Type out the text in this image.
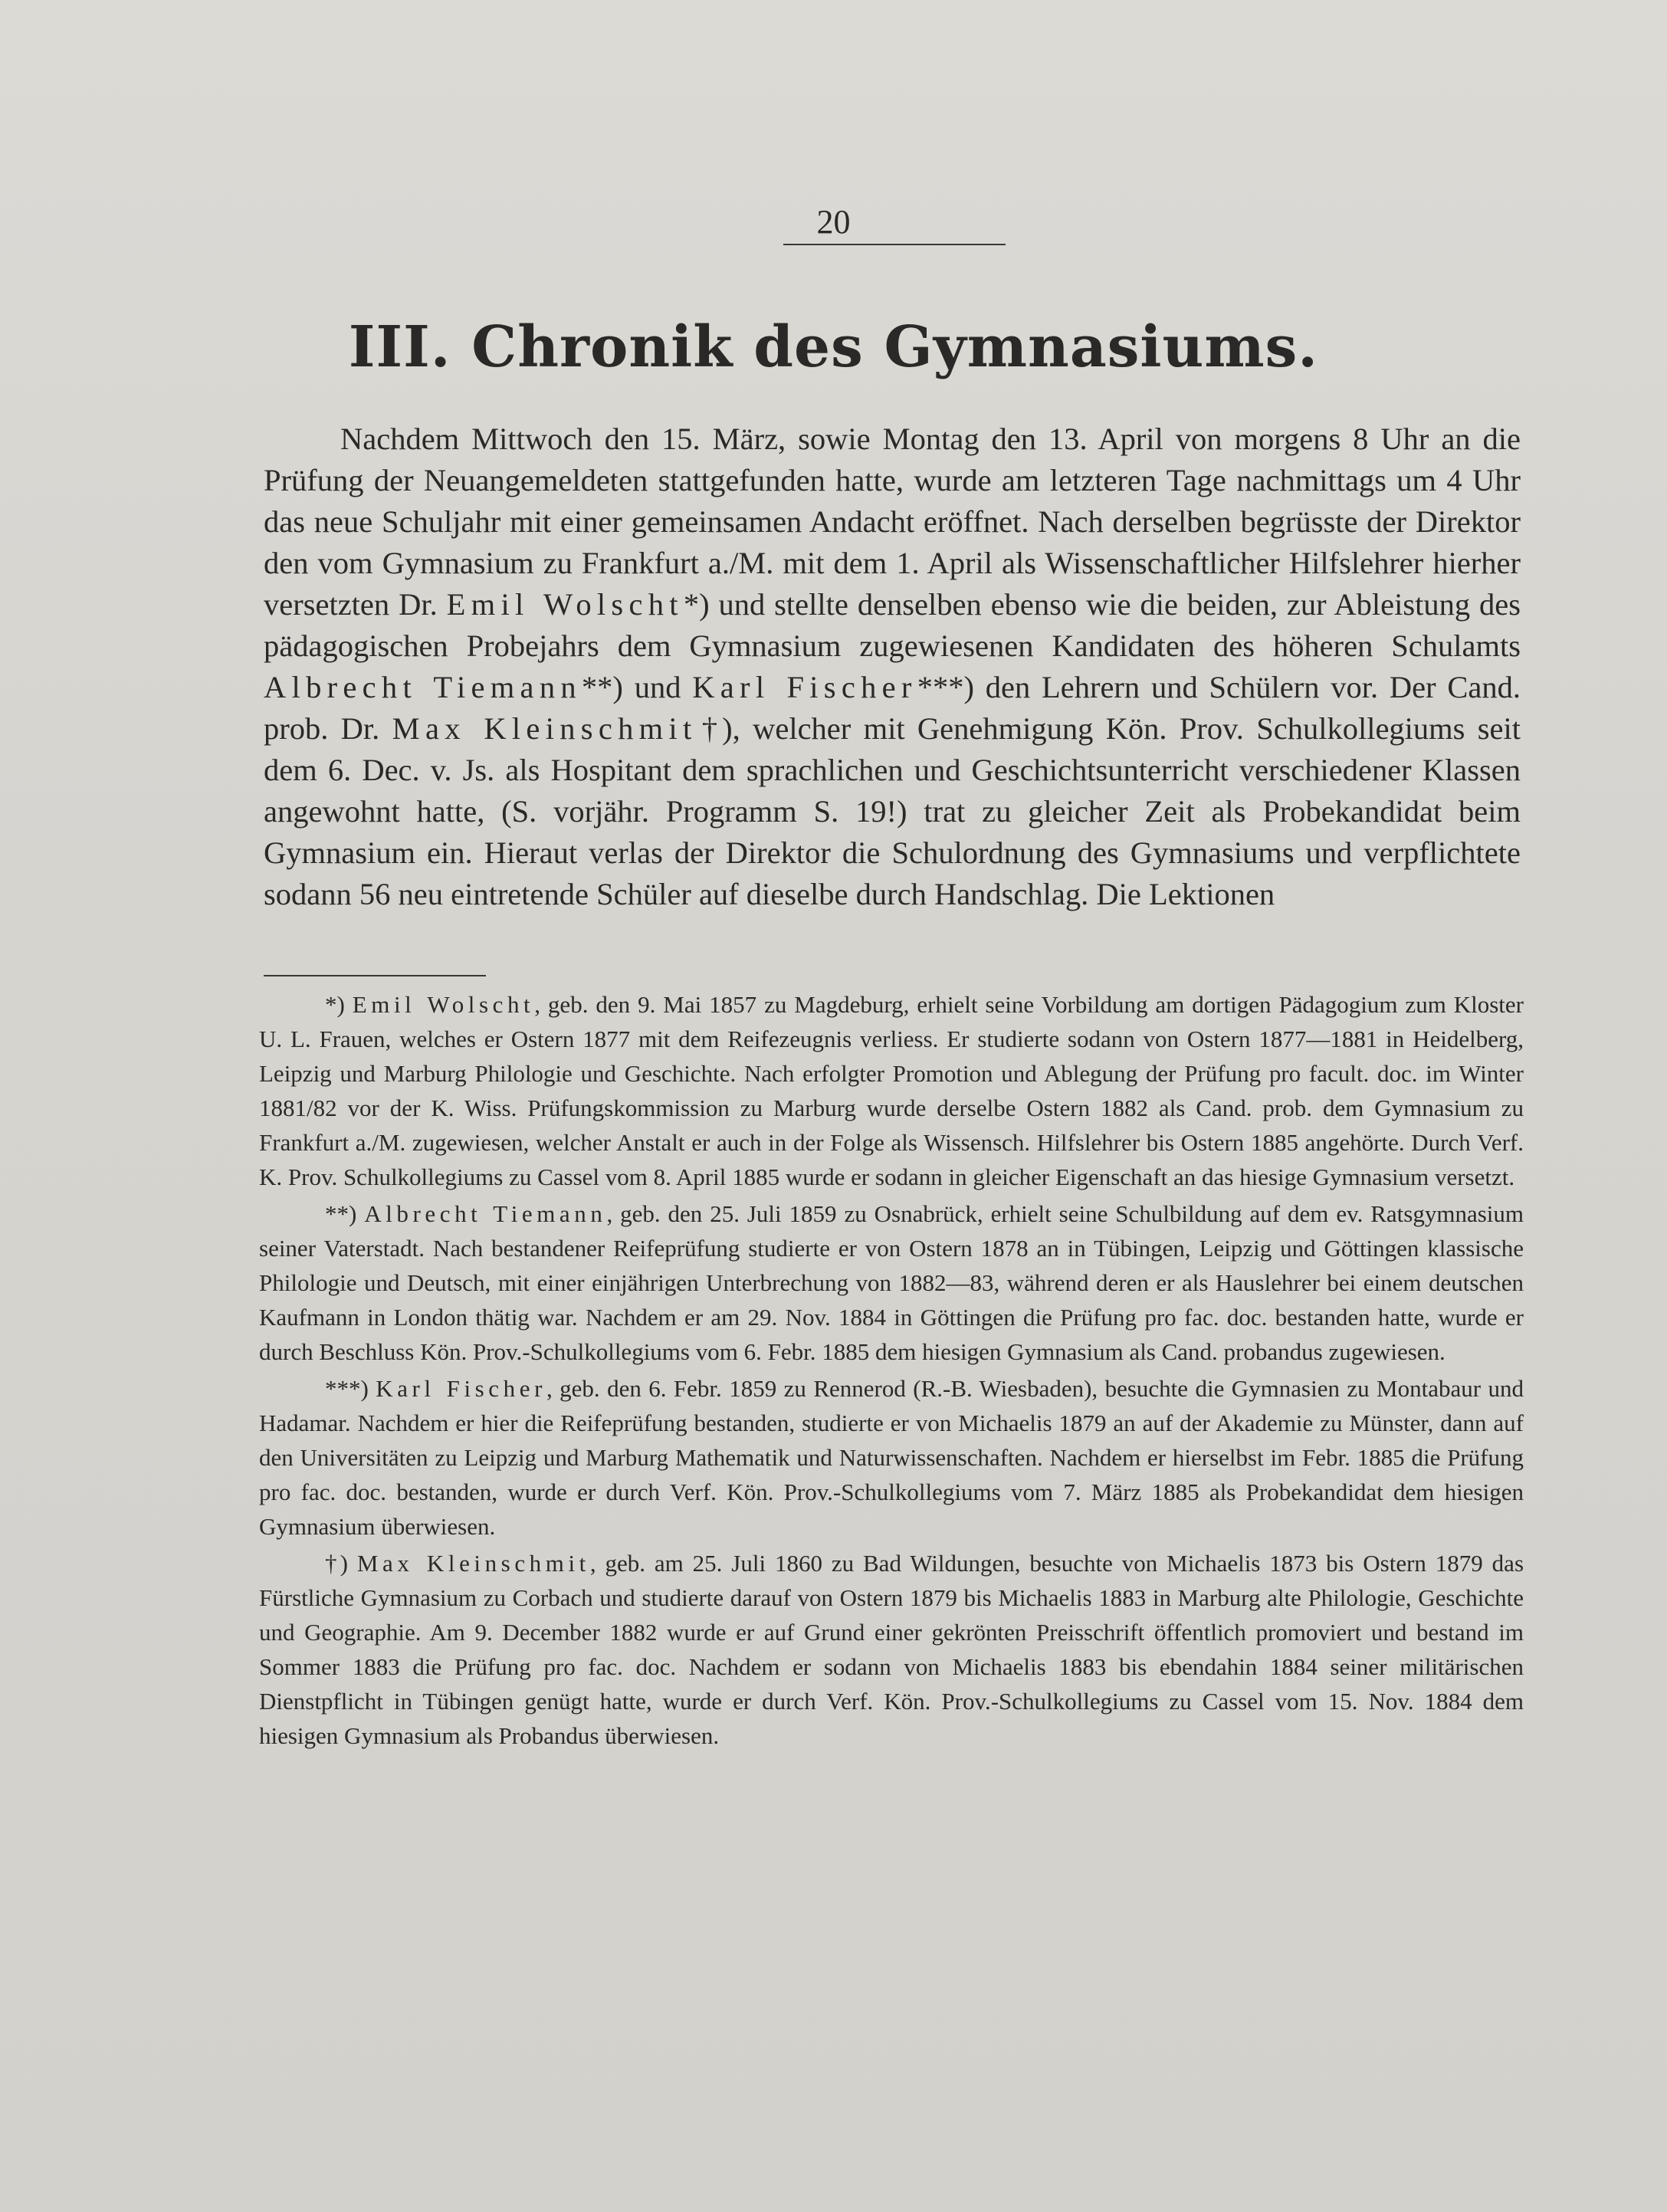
20
III. Chronik des Gymnasiums.

Nachdem Mittwoch den 15. März, sowie Montag den 13. April von morgens 8 Uhr an die Prüfung der Neuangemeldeten stattgefunden hatte, wurde am letzteren Tage nachmittags um 4 Uhr das neue Schuljahr mit einer gemeinsamen Andacht eröffnet. Nach derselben begrüsste der Direktor den vom Gymnasium zu Frankfurt a./M. mit dem 1. April als Wissenschaftlicher Hilfslehrer hierher versetzten Dr. Emil Wolscht*) und stellte denselben ebenso wie die beiden, zur Ableistung des pädagogischen Probejahrs dem Gymnasium zugewiesenen Kandidaten des höheren Schulamts Albrecht Tiemann**) und Karl Fischer***) den Lehrern und Schülern vor. Der Cand. prob. Dr. Max Kleinschmit†), welcher mit Genehmigung Kön. Prov. Schulkollegiums seit dem 6. Dec. v. Js. als Hospitant dem sprachlichen und Geschichtsunterricht verschiedener Klassen angewohnt hatte, (S. vorjähr. Programm S. 19!) trat zu gleicher Zeit als Probekandidat beim Gymnasium ein. Hieraut verlas der Direktor die Schulordnung des Gymnasiums und verpflichtete sodann 56 neu eintretende Schüler auf dieselbe durch Handschlag. Die Lektionen

*) Emil Wolscht, geb. den 9. Mai 1857 zu Magdeburg, erhielt seine Vorbildung am dortigen Pädagogium zum Kloster U. L. Frauen, welches er Ostern 1877 mit dem Reifezeugnis verliess. Er studierte sodann von Ostern 1877—1881 in Heidelberg, Leipzig und Marburg Philologie und Geschichte. Nach erfolgter Promotion und Ablegung der Prüfung pro facult. doc. im Winter 1881/82 vor der K. Wiss. Prüfungskommission zu Marburg wurde derselbe Ostern 1882 als Cand. prob. dem Gymnasium zu Frankfurt a./M. zugewiesen, welcher Anstalt er auch in der Folge als Wissensch. Hilfslehrer bis Ostern 1885 angehörte. Durch Verf. K. Prov. Schulkollegiums zu Cassel vom 8. April 1885 wurde er sodann in gleicher Eigenschaft an das hiesige Gymnasium versetzt.

**) Albrecht Tiemann, geb. den 25. Juli 1859 zu Osnabrück, erhielt seine Schulbildung auf dem ev. Ratsgymnasium seiner Vaterstadt. Nach bestandener Reifeprüfung studierte er von Ostern 1878 an in Tübingen, Leipzig und Göttingen klassische Philologie und Deutsch, mit einer einjährigen Unterbrechung von 1882—83, während deren er als Hauslehrer bei einem deutschen Kaufmann in London thätig war. Nachdem er am 29. Nov. 1884 in Göttingen die Prüfung pro fac. doc. bestanden hatte, wurde er durch Beschluss Kön. Prov.-Schulkollegiums vom 6. Febr. 1885 dem hiesigen Gymnasium als Cand. probandus zugewiesen.

***) Karl Fischer, geb. den 6. Febr. 1859 zu Rennerod (R.-B. Wiesbaden), besuchte die Gymnasien zu Montabaur und Hadamar. Nachdem er hier die Reifeprüfung bestanden, studierte er von Michaelis 1879 an auf der Akademie zu Münster, dann auf den Universitäten zu Leipzig und Marburg Mathematik und Naturwissenschaften. Nachdem er hierselbst im Febr. 1885 die Prüfung pro fac. doc. bestanden, wurde er durch Verf. Kön. Prov.-Schulkollegiums vom 7. März 1885 als Probekandidat dem hiesigen Gymnasium überwiesen.

†) Max Kleinschmit, geb. am 25. Juli 1860 zu Bad Wildungen, besuchte von Michaelis 1873 bis Ostern 1879 das Fürstliche Gymnasium zu Corbach und studierte darauf von Ostern 1879 bis Michaelis 1883 in Marburg alte Philologie, Geschichte und Geographie. Am 9. December 1882 wurde er auf Grund einer gekrönten Preisschrift öffentlich promoviert und bestand im Sommer 1883 die Prüfung pro fac. doc. Nachdem er sodann von Michaelis 1883 bis ebendahin 1884 seiner militärischen Dienstpflicht in Tübingen genügt hatte, wurde er durch Verf. Kön. Prov.-Schulkollegiums zu Cassel vom 15. Nov. 1884 dem hiesigen Gymnasium als Probandus überwiesen.
